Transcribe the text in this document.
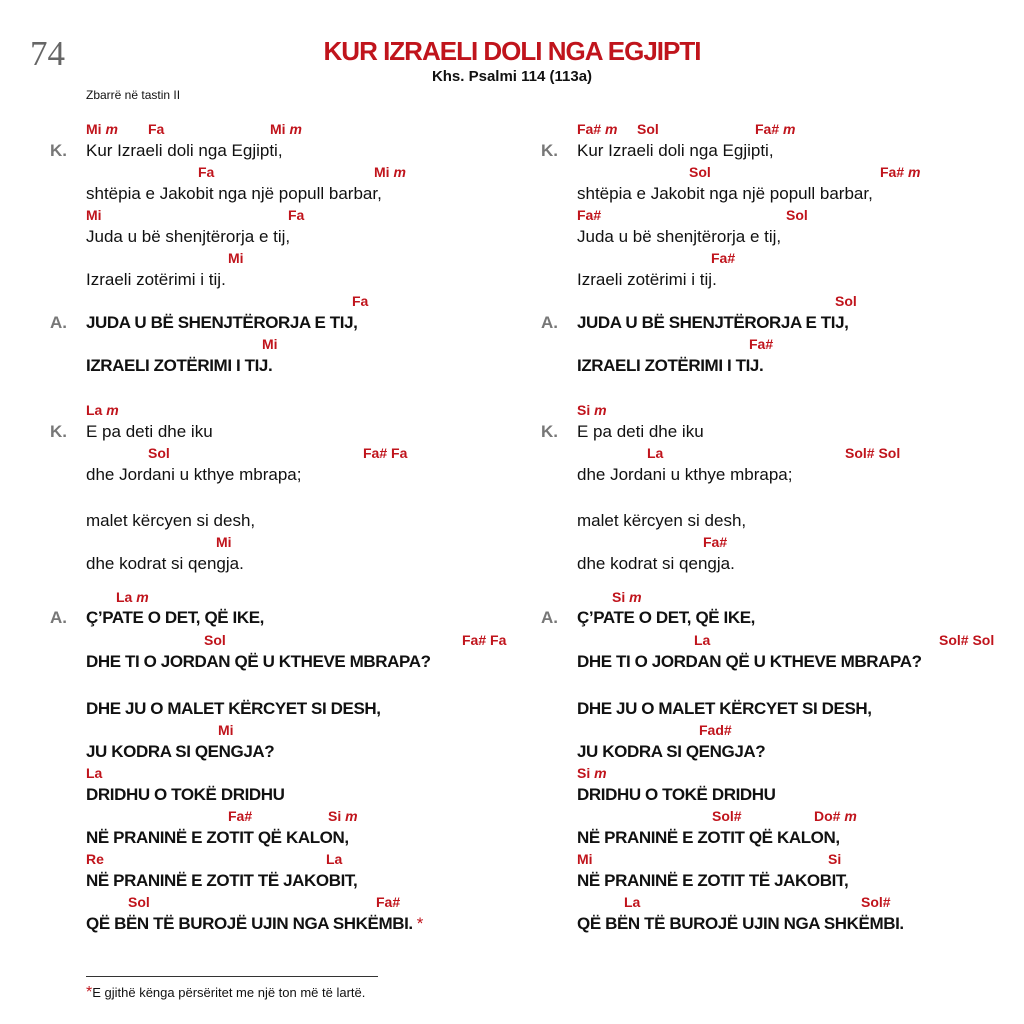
74	KUR IZRAELI DOLI NGA EGJIPTI
Khs. Psalmi 114 (113a)
Zbarrë në tastin II
Mi m Fa	Mi m
K. Kur Izraeli doli nga Egjipti,
Fa	Mi m
shtëpia e Jakobit nga një popull barbar,
Mi	Fa
Juda u bë shenjtërorja e tij,
Mi
Izraeli zotërimi i tij.
Fa
A. JUDA U BË SHENJTËRORJA E TIJ,
Mi
IZRAELI ZOTËRIMI I TIJ.
La m
K. E pa deti dhe iku
Sol	Fa# Fa
dhe Jordani u kthye mbrapa;
malet kërcyen si desh,
Mi
dhe kodrat si qengja.
La m
A. Ç’PATE O DET, QË IKE,
Sol	Fa# Fa
DHE TI O JORDAN QË U KTHEVE MBRAPA?
DHE JU O MALET KËRCYET SI DESH,
Mi
JU KODRA SI QENGJA?
La
DRIDHU O TOKË DRIDHU
Fa#	Si m
NË PRANINË E ZOTIT QË KALON,
Re	La
NË PRANINË E ZOTIT TË JAKOBIT,
Sol	Fa#
QË BËN TË BUROJË UJIN NGA SHKËMBI. *
Fa# m Sol	Fa# m
K. Kur Izraeli doli nga Egjipti,
Sol	Fa# m
shtëpia e Jakobit nga një popull barbar,
Fa#	Sol
Juda u bë shenjtërorja e tij,
Fa#
Izraeli zotërimi i tij.
Sol
A. JUDA U BË SHENJTËRORJA E TIJ,
Fa#
IZRAELI ZOTËRIMI I TIJ.
Si m
K. E pa deti dhe iku
La	Sol# Sol
dhe Jordani u kthye mbrapa;
malet kërcyen si desh,
Fa#
dhe kodrat si qengja.
Si m
A. Ç’PATE O DET, QË IKE,
La	Sol# Sol
DHE TI O JORDAN QË U KTHEVE MBRAPA?
DHE JU O MALET KËRCYET SI DESH,
Fad#
JU KODRA SI QENGJA?
Si m
DRIDHU O TOKË DRIDHU
Sol#	Do# m
NË PRANINË E ZOTIT QË KALON,
Mi	Si
NË PRANINË E ZOTIT TË JAKOBIT,
La	Sol#
QË BËN TË BUROJË UJIN NGA SHKËMBI.
*E gjithë kënga përsëritet me një ton më të lartë.
